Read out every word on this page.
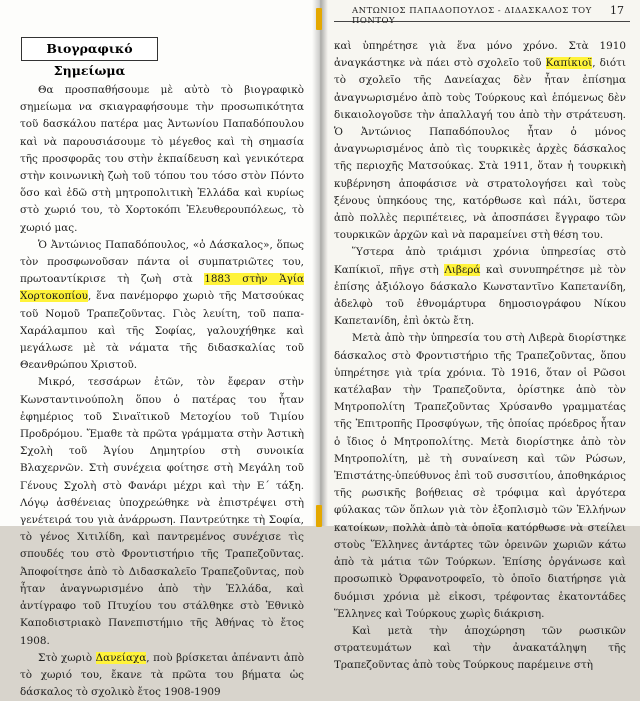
Βιογραφικό Σημείωμα

Θα προσπαθήσουμε μὲ αὐτὸ τὸ βιογραφικὸ σημείωμα να σκιαγραφήσουμε τὴν προσωπικότητα τοῦ δασκάλου πατέρα μας Ἀντωνίου Παπαδόπουλου καὶ νὰ παρουσιάσουμε τὸ μέγεθος καὶ τὴ σημασία τῆς προσφορᾶς του στὴν ἐκπαίδευση καὶ γενικότερα στὴν κοινωνικὴ ζωὴ τοῦ τόπου του τόσο στὸν Πόντο ὅσο καὶ ἐδῶ στὴ μητροπολιτικὴ Ἑλλάδα καὶ κυρίως στὸ χωριό του, τὸ Χορτοκόπι Ἐλευθερουπόλεως, τὸ χωριό μας.

Ὁ Ἀντώνιος Παπαδόπουλος, «ὁ Δάσκαλος», ὅπως τὸν προσφωνοῦσαν πάντα οἱ συμπατριῶτες του, πρωτοαντίκρισε τὴ ζωὴ στὰ 1883 στὴν Ἁγία Χορτοκοπίου, ἕνα πανέμορφο χωριὸ τῆς Ματσούκας τοῦ Νομοῦ Τραπεζοῦντας. Γιὸς λευίτη, τοῦ παπα-Χαράλαμπου καὶ τῆς Σοφίας, γαλουχήθηκε καὶ μεγάλωσε μὲ τὰ νάματα τῆς διδασκαλίας τοῦ Θεανθρώπου Χριστοῦ.

Μικρό, τεσσάρων ἐτῶν, τὸν ἔφεραν στὴν Κωνσταντινούπολη ὅπου ὁ πατέρας του ἦταν ἐφημέριος τοῦ Σιναϊτικοῦ Μετοχίου τοῦ Τιμίου Προδρόμου. Ἔμαθε τὰ πρῶτα γράμματα στὴν Ἀστικὴ Σχολὴ τοῦ Ἁγίου Δημητρίου στὴ συνοικία Βλαχερνῶν. Στὴ συνέχεια φοίτησε στὴ Μεγάλη τοῦ Γένους Σχολὴ στὸ Φανάρι μέχρι καὶ τὴν Ε΄ τάξη. Λόγῳ ἀσθένειας ὑποχρεώθηκε νὰ ἐπιστρέψει στὴ γενέτειρά του γιὰ ἀνάρρωση. Παντρεύτηκε τὴ Σοφία, τὸ γένος Χιτιλίδη, καὶ παντρεμένος συνέχισε τὶς σπουδές του στὸ Φροντιστήριο τῆς Τραπεζοῦντας. Ἀποφοίτησε ἀπὸ τὸ Διδασκαλεῖο Τραπεζοῦντας, ποὺ ἦταν ἀναγνωρισμένο ἀπὸ τὴν Ἑλλάδα, καὶ ἀντίγραφο τοῦ Πτυχίου του στάλθηκε στὸ Ἐθνικὸ Καποδιστριακὸ Πανεπιστήμιο τῆς Ἀθήνας τὸ ἔτος 1908.

Στὸ χωριὸ Δανείαχα, ποὺ βρίσκεται ἀπέναντι ἀπὸ τὸ χωριό του, ἔκανε τὰ πρῶτα του βήματα ὡς δάσκαλος τὸ σχολικὸ ἔτος 1908-1909

ΑΝΤΩΝΙΟΣ ΠΑΠΑΔΟΠΟΥΛΟΣ - ΔΙΔΑΣΚΑΛΟΣ ΤΟΥ ΠΟΝΤΟΥ
17

καὶ ὑπηρέτησε γιὰ ἕνα μόνο χρόνο. Στὰ 1910 ἀναγκάστηκε νὰ πάει στὸ σχολεῖο τοῦ Καπίκιοϊ, διότι τὸ σχολεῖο τῆς Δανείαχας δὲν ἦταν ἐπίσημα ἀναγνωρισμένο ἀπὸ τοὺς Τούρκους καὶ ἑπόμενως δὲν δικαιολογοῦσε τὴν ἀπαλλαγή του ἀπὸ τὴν στράτευση. Ὁ Ἀντώνιος Παπαδόπουλος ἦταν ὁ μόνος ἀναγνωρισμένος ἀπὸ τὶς τουρκικὲς ἀρχὲς δάσκαλος τῆς περιοχῆς Ματσούκας. Στὰ 1911, ὅταν ἡ τουρκικὴ κυβέρνηση ἀποφάσισε νὰ στρατολογήσει καὶ τοὺς ξένους ὑπηκόους της, κατόρθωσε καὶ πάλι, ὕστερα ἀπὸ πολλὲς περιπέτειες, νὰ ἀποσπάσει ἔγγραφο τῶν τουρκικῶν ἀρχῶν καὶ νὰ παραμείνει στὴ θέση του.

Ὕστερα ἀπὸ τριάμισι χρόνια ὑπηρεσίας στὸ Καπίκιοϊ, πῆγε στὴ Λιβερά καὶ συνυπηρέτησε μὲ τὸν ἐπίσης ἀξιόλογο δάσκαλο Κωνσταντῖνο Καπετανίδη, ἀδελφὸ τοῦ ἐθνομάρτυρα δημοσιογράφου Νίκου Καπετανίδη, ἐπὶ ὀκτὼ ἔτη.

Μετὰ ἀπὸ τὴν ὑπηρεσία του στὴ Λιβερὰ διορίστηκε δάσκαλος στὸ Φροντιστήριο τῆς Τραπεζοῦντας, ὅπου ὑπηρέτησε γιὰ τρία χρόνια. Τὸ 1916, ὅταν οἱ Ρῶσοι κατέλαβαν τὴν Τραπεζοῦντα, ὁρίστηκε ἀπὸ τὸν Μητροπολίτη Τραπεζοῦντας Χρύσανθο γραμματέας τῆς Ἐπιτροπῆς Προσφύγων, τῆς ὁποίας πρόεδρος ἦταν ὁ ἴδιος ὁ Μητροπολίτης. Μετὰ διορίστηκε ἀπὸ τὸν Μητροπολίτη, μὲ τὴ συναίνεση καὶ τῶν Ρώσων, Ἐπιστάτης-ὑπεύθυνος ἐπὶ τοῦ συσσιτίου, ἀποθηκάριος τῆς ρωσικῆς βοήθειας σὲ τρόφιμα καὶ ἀργότερα φύλακας τῶν ὅπλων γιὰ τὸν ἐξοπλισμὸ τῶν Ἑλλήνων κατοίκων, πολλὰ ἀπὸ τὰ ὁποῖα κατόρθωσε νὰ στείλει στοὺς Ἕλληνες ἀντάρτες τῶν ὀρεινῶν χωριῶν κάτω ἀπὸ τὰ μάτια τῶν Τούρκων. Ἐπίσης ὀργάνωσε καὶ προσωπικὸ Ὀρφανοτροφεῖο, τὸ ὁποῖο διατήρησε γιὰ δυόμισι χρόνια μὲ εἰκοσι, τρέφοντας ἑκατοντάδες Ἕλληνες καὶ Τούρκους χωρὶς διάκριση.

Καὶ μετὰ τὴν ἀποχώρηση τῶν ρωσικῶν στρατευμάτων καὶ τὴν ἀνακατάληψη τῆς Τραπεζοῦντας ἀπὸ τοὺς Τούρκους παρέμεινε στὴ
